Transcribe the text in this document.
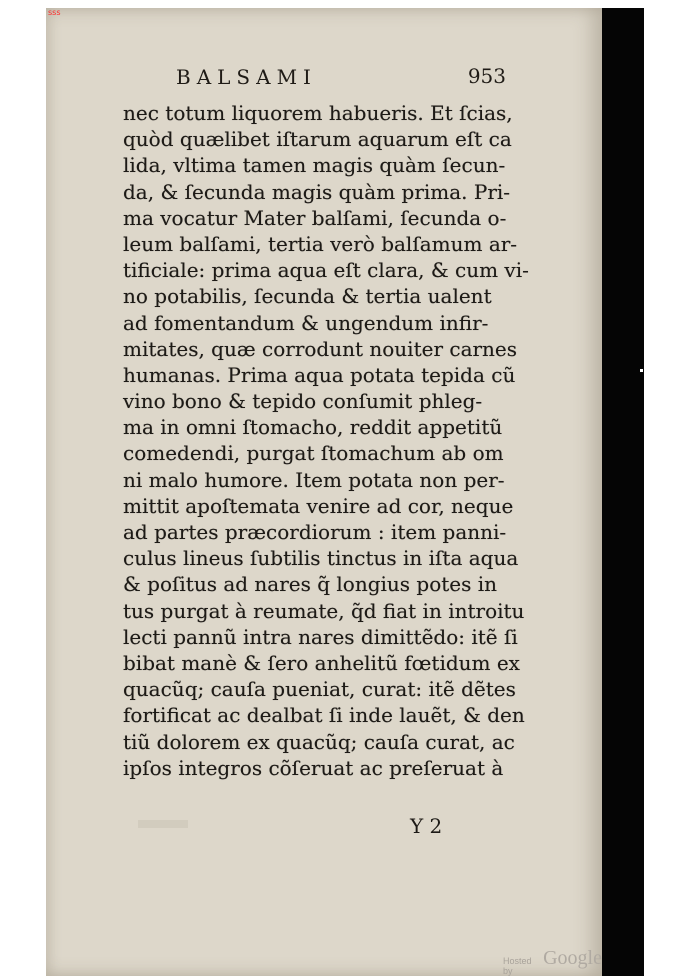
sss
BALSAMI	953
nec totum liquorem habueris. Et ſcias,
quòd quælibet iſtarum aquarum eſt ca
lida, vltima tamen magis quàm ſecun-
da, & ſecunda magis quàm prima. Pri-
ma vocatur Mater balſami, ſecunda o-
leum balſami, tertia verò balſamum ar-
tificiale: prima aqua eſt clara, & cum vi-
no potabilis, ſecunda & tertia ualent
ad fomentandum & ungendum infir-
mitates, quæ corrodunt nouiter carnes
humanas. Prima aqua potata tepida cũ
vino bono & tepido conſumit phleg-
ma in omni ſtomacho, reddit appetitũ
comedendi, purgat ſtomachum ab om
ni malo humore. Item potata non per-
mittit apoſtemata venire ad cor, neque
ad partes præcordiorum : item panni-
culus lineus ſubtilis tinctus in iſta aqua
& poſitus ad nares q̃ longius potes in
tus purgat à reumate, q̃d fiat in introitu
lecti pannũ intra nares dimittẽdo: itẽ ſi
bibat manè & ſero anhelitũ fœtidum ex
quacũq; cauſa pueniat, curat: itẽ dẽtes
fortificat ac dealbat ſi inde lauẽt, & den
tiũ dolorem ex quacũq; cauſa curat, ac
ipſos integros cõſeruat ac preſeruat à
Y 2
Hosted by
Google
